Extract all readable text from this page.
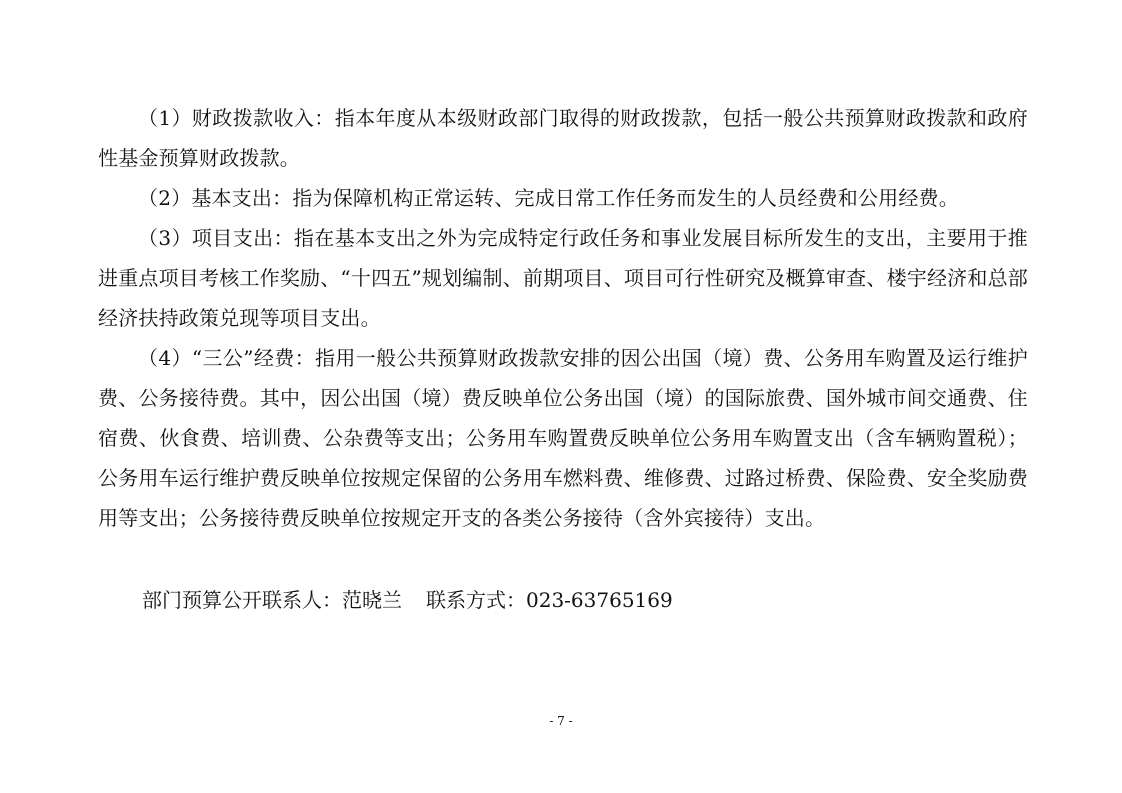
（1）财政拨款收入：指本年度从本级财政部门取得的财政拨款，包括一般公共预算财政拨款和政府性基金预算财政拨款。

（2）基本支出：指为保障机构正常运转、完成日常工作任务而发生的人员经费和公用经费。

（3）项目支出：指在基本支出之外为完成特定行政任务和事业发展目标所发生的支出，主要用于推进重点项目考核工作奖励、“十四五”规划编制、前期项目、项目可行性研究及概算审查、楼宇经济和总部经济扶持政策兑现等项目支出。

（4）“三公”经费：指用一般公共预算财政拨款安排的因公出国（境）费、公务用车购置及运行维护费、公务接待费。其中，因公出国（境）费反映单位公务出国（境）的国际旅费、国外城市间交通费、住宿费、伙食费、培训费、公杂费等支出；公务用车购置费反映单位公务用车购置支出（含车辆购置税）；公务用车运行维护费反映单位按规定保留的公务用车燃料费、维修费、过路过桥费、保险费、安全奖励费用等支出；公务接待费反映单位按规定开支的各类公务接待（含外宾接待）支出。

部门预算公开联系人：范晓兰 联系方式：023-63765169
- 7 -
